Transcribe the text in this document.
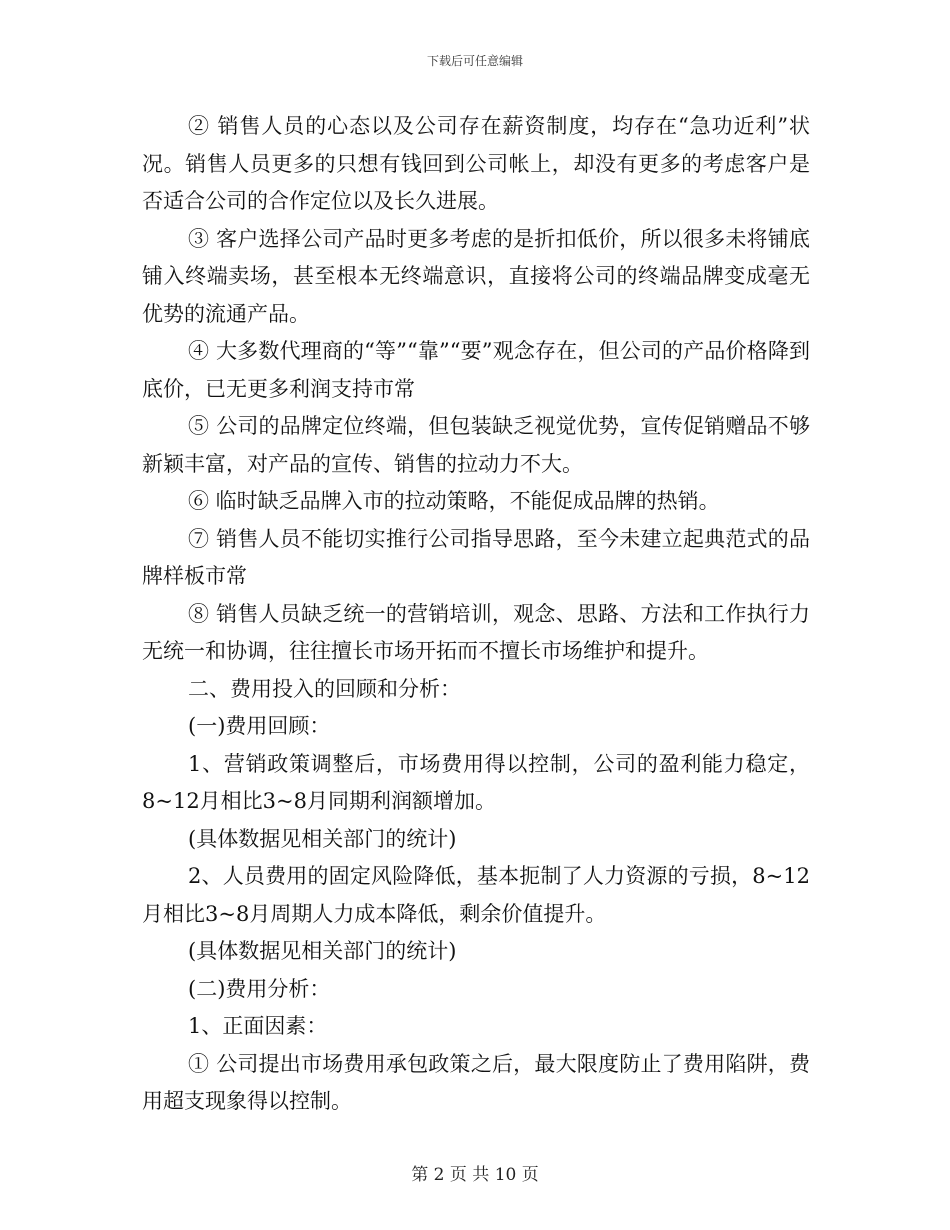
下载后可任意编辑

② 销售人员的心态以及公司存在薪资制度，均存在“急功近利”状况。销售人员更多的只想有钱回到公司帐上，却没有更多的考虑客户是否适合公司的合作定位以及长久进展。

③ 客户选择公司产品时更多考虑的是折扣低价，所以很多未将铺底铺入终端卖场，甚至根本无终端意识，直接将公司的终端品牌变成毫无优势的流通产品。

④ 大多数代理商的“等”“靠”“要”观念存在，但公司的产品价格降到底价，已无更多利润支持市常

⑤ 公司的品牌定位终端，但包装缺乏视觉优势，宣传促销赠品不够新颖丰富，对产品的宣传、销售的拉动力不大。

⑥ 临时缺乏品牌入市的拉动策略，不能促成品牌的热销。

⑦ 销售人员不能切实推行公司指导思路，至今未建立起典范式的品牌样板市常

⑧ 销售人员缺乏统一的营销培训，观念、思路、方法和工作执行力无统一和协调，往往擅长市场开拓而不擅长市场维护和提升。

二、费用投入的回顾和分析：

(一)费用回顾：

1、营销政策调整后，市场费用得以控制，公司的盈利能力稳定，8~12月相比3~8月同期利润额增加。

(具体数据见相关部门的统计)

2、人员费用的固定风险降低，基本扼制了人力资源的亏损，8~12月相比3~8月周期人力成本降低，剩余价值提升。

(具体数据见相关部门的统计)

(二)费用分析：

1、正面因素：

① 公司提出市场费用承包政策之后，最大限度防止了费用陷阱，费用超支现象得以控制。

第 2 页 共 10 页
